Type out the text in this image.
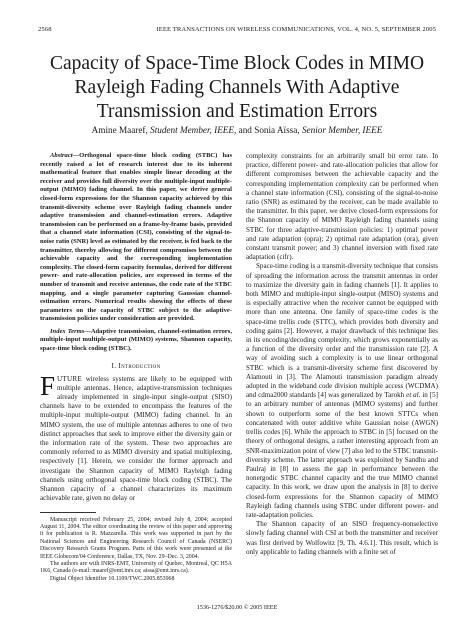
2568	IEEE TRANSACTIONS ON WIRELESS COMMUNICATIONS, VOL. 4, NO. 5, SEPTEMBER 2005
Capacity of Space-Time Block Codes in MIMO
Rayleigh Fading Channels With Adaptive
Transmission and Estimation Errors
Amine Maaref, Student Member, IEEE, and Sonia Aïssa, Senior Member, IEEE

Abstract—Orthogonal space-time block coding (STBC) has recently raised a lot of research interest due to its inherent mathematical feature that enables simple linear decoding at the receiver and provides full diversity over the multiple-input multiple-output (MIMO) fading channel. In this paper, we derive general closed-form expressions for the Shannon capacity achieved by this transmit-diversity scheme over Rayleigh fading channels under adaptive transmission and channel-estimation errors. Adaptive transmission can be performed on a frame-by-frame basis, provided that a channel state information (CSI), consisting of the signal-to-noise ratio (SNR) level as estimated by the receiver, is fed back to the transmitter, thereby allowing for different compromises between the achievable capacity and the corresponding implementation complexity. The closed-form capacity formulas, derived for different power- and rate-allocation policies, are expressed in terms of the number of transmit and receive antennas, the code rate of the STBC mapping, and a single parameter capturing Gaussian channel-estimation errors. Numerical results showing the effects of these parameters on the capacity of STBC subject to the adaptive-transmission policies under consideration are provided.

Index Terms—Adaptive transmission, channel-estimation errors, multiple-input multiple-output (MIMO) systems, Shannon capacity, space-time block coding (STBC).

I. Introduction

FUTURE wireless systems are likely to be equipped with multiple antennas. Hence, adaptive-transmission techniques already implemented in single-input single-output (SISO) channels have to be extended to encompass the features of the multiple-input multiple-output (MIMO) fading channel. In an MIMO system, the use of multiple antennas adheres to one of two distinct approaches that seek to improve either the diversity gain or the information rate of the system. These two approaches are commonly referred to as MIMO diversity and spatial multiplexing, respectively [1]. Herein, we consider the former approach and investigate the Shannon capacity of MIMO Rayleigh fading channels using orthogonal space-time block coding (STBC). The Shannon capacity of a channel characterizes its maximum achievable rate, given no delay or

Manuscript received February 25, 2004; revised July 8, 2004; accepted August 11, 2004. The editor coordinating the review of this paper and approving it for publication is R. Mazzarella. This work was supported in part by the National Sciences and Engineering Research Council of Canada (NSERC) Discovery Research Grants Program. Parts of this work were presented at the IEEE Globecom'04 Conference, Dallas, TX, Nov. 29–Dec. 3, 2004.

The authors are with INRS-EMT, University of Quebec, Montreal, QC H5A 1K6, Canada (e-mail: maaref@emt.inrs.ca; aissa@emt.inrs.ca).

Digital Object Identifier 10.1109/TWC.2005.853968

complexity constraints for an arbitrarily small bit error rate. In practice, different power- and rate-allocation policies that allow for different compromises between the achievable capacity and the corresponding implementation complexity can be performed when a channel state information (CSI), consisting of the signal-to-noise ratio (SNR) as estimated by the receiver, can be made available to the transmitter. In this paper, we derive closed-form expressions for the Shannon capacity of MIMO Rayleigh fading channels using STBC for three adaptive-transmission policies: 1) optimal power and rate adaptation (opra); 2) optimal rate adaptation (ora), given constant transmit power; and 3) channel inversion with fixed rate adaptation (cifr).

Space-time coding is a transmit-diversity technique that consists of spreading the information across the transmit antennas in order to maximize the diversity gain in fading channels [1]. It applies to both MIMO and multiple-input single-output (MISO) systems and is especially attractive when the receiver cannot be equipped with more than one antenna. One family of space-time codes is the space-time trellis code (STTC), which provides both diversity and coding gains [2]. However, a major drawback of this technique lies in its encoding/decoding complexity, which grows exponentially as a function of the diversity order and the transmission rate [2]. A way of avoiding such a complexity is to use linear orthogonal STBC which is a transmit-diversity scheme first discovered by Alamouti in [3]. The Alamouti transmission paradigm already adopted in the wideband code division multiple access (WCDMA) and cdma2000 standards [4] was generalized by Tarokh et al. in [5] to an arbitrary number of antennas (MIMO systems) and further shown to outperform some of the best known STTCs when concatenated with outer additive white Gaussian noise (AWGN) trellis codes [6]. While the approach to STBC in [5] focused on the theory of orthogonal designs, a rather interesting approach from an SNR-maximization point of view [7] also led to the STBC transmit-diversity scheme. The latter approach was exploited by Sandhu and Paulraj in [8] to assess the gap in performance between the nonergodic STBC channel capacity and the true MIMO channel capacity. In this work, we draw upon the analysis in [8] to derive closed-form expressions for the Shannon capacity of MIMO Rayleigh fading channels using STBC under different power- and rate-adaptation policies.

The Shannon capacity of an SISO frequency-nonselective slowly fading channel with CSI at both the transmitter and receiver was first derived by Wolfowitz [9, Th. 4.6.1]. This result, which is only applicable to fading channels with a finite set of

1536-1276/$20.00 © 2005 IEEE
